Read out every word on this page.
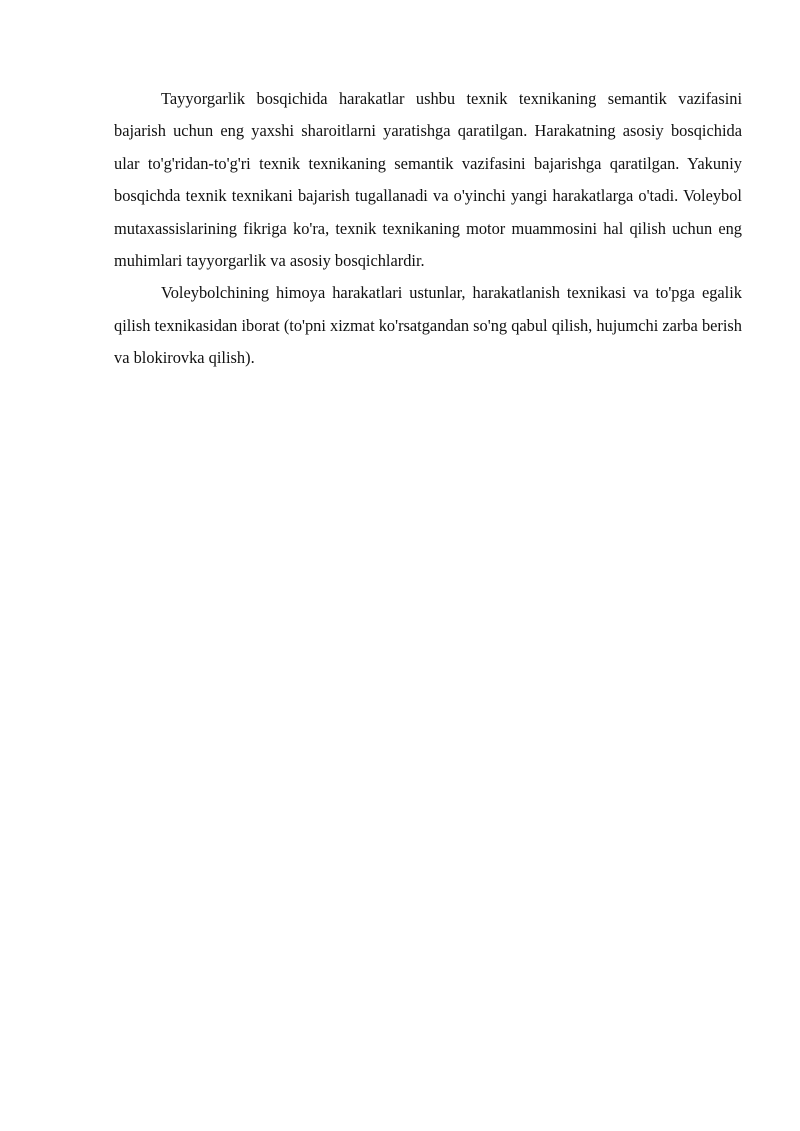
Tayyorgarlik bosqichida harakatlar ushbu texnik texnikaning semantik vazifasini bajarish uchun eng yaxshi sharoitlarni yaratishga qaratilgan. Harakatning asosiy bosqichida ular to'g'ridan-to'g'ri texnik texnikaning semantik vazifasini bajarishga qaratilgan. Yakuniy bosqichda texnik texnikani bajarish tugallanadi va o'yinchi yangi harakatlarga o'tadi. Voleybol mutaxassislarining fikriga ko'ra, texnik texnikaning motor muammosini hal qilish uchun eng muhimlari tayyorgarlik va asosiy bosqichlardir.

Voleybolchining himoya harakatlari ustunlar, harakatlanish texnikasi va to'pga egalik qilish texnikasidan iborat (to'pni xizmat ko'rsatgandan so'ng qabul qilish, hujumchi zarba berish va blokirovka qilish).
